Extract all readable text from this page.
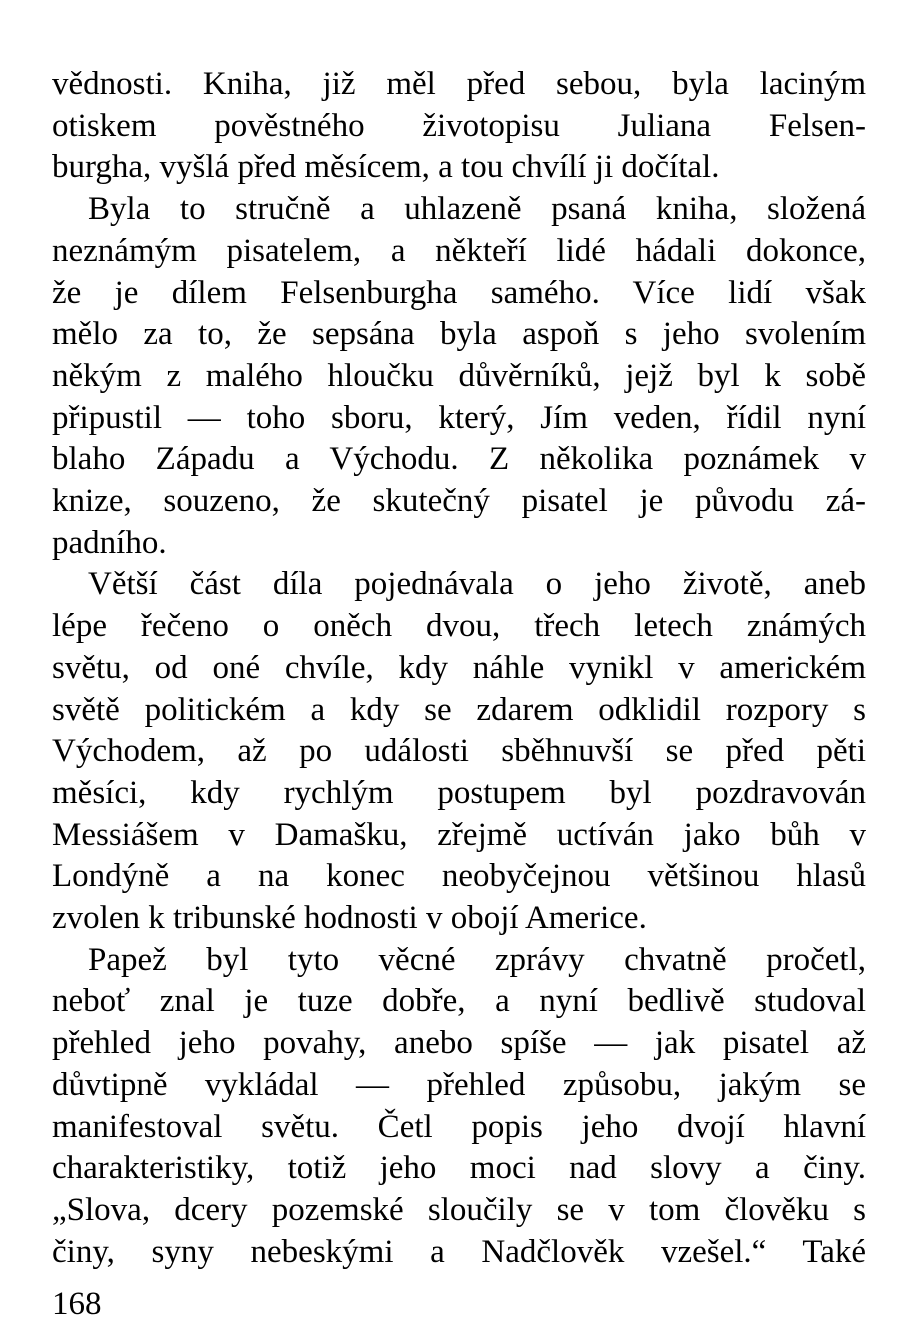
vědnosti. Kniha, již měl před sebou, byla laciným
otiskem pověstného životopisu Juliana Felsen-
burgha, vyšlá před měsícem, a tou chvílí ji dočítal.

Byla to stručně a uhlazeně psaná kniha, složená
neznámým pisatelem, a někteří lidé hádali dokonce,
že je dílem Felsenburgha samého. Více lidí však
mělo za to, že sepsána byla aspoň s jeho svolením
někým z malého hloučku důvěrníků, jejž byl k sobě
připustil — toho sboru, který, Jím veden, řídil nyní
blaho Západu a Východu. Z několika poznámek v
knize, souzeno, že skutečný pisatel je původu zá-
padního.

Větší část díla pojednávala o jeho životě, aneb
lépe řečeno o oněch dvou, třech letech známých
světu, od oné chvíle, kdy náhle vynikl v americkém
světě politickém a kdy se zdarem odklidil rozpory s
Východem, až po události sběhnuvší se před pěti
měsíci, kdy rychlým postupem byl pozdravován
Messiášem v Damašku, zřejmě uctíván jako bůh v
Londýně a na konec neobyčejnou většinou hlasů
zvolen k tribunské hodnosti v obojí Americe.

Papež byl tyto věcné zprávy chvatně pročetl,
neboť znal je tuze dobře, a nyní bedlivě studoval
přehled jeho povahy, anebo spíše — jak pisatel až
důvtipně vykládal — přehled způsobu, jakým se
manifestoval světu. Četl popis jeho dvojí hlavní
charakteristiky, totiž jeho moci nad slovy a činy.
„Slova, dcery pozemské sloučily se v tom člověku s
činy, syny nebeskými a Nadčlověk vzešel.“ Také

168
